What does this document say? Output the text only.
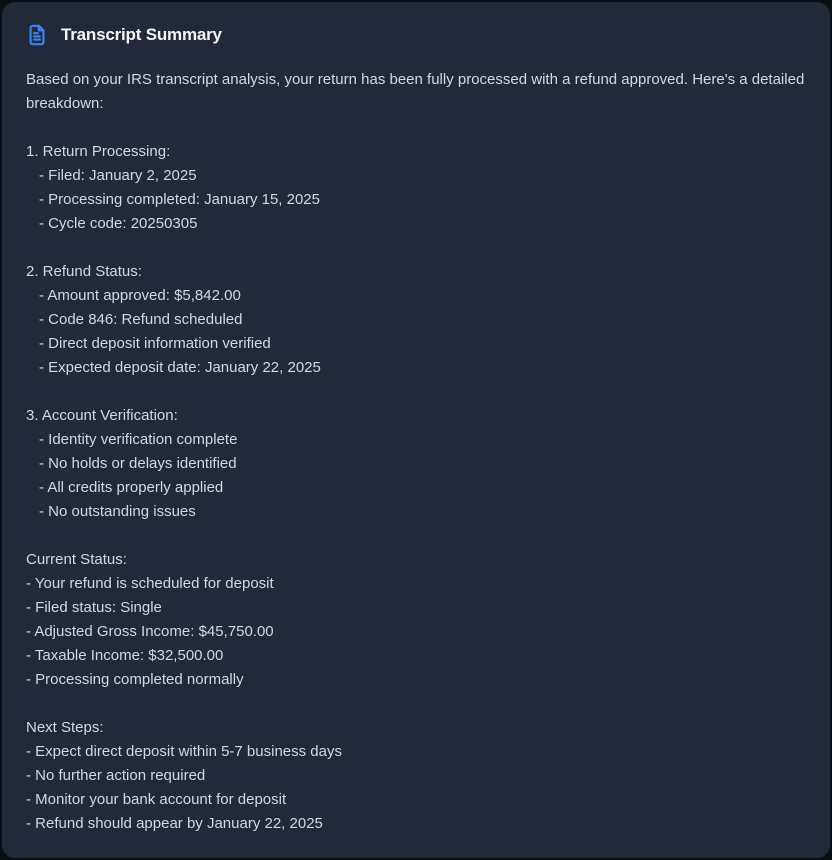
Transcript Summary

Based on your IRS transcript analysis, your return has been fully processed with a refund approved. Here's a detailed breakdown:

1. Return Processing:
- Filed: January 2, 2025
- Processing completed: January 15, 2025
- Cycle code: 20250305
2. Refund Status:
- Amount approved: $5,842.00
- Code 846: Refund scheduled
- Direct deposit information verified
- Expected deposit date: January 22, 2025
3. Account Verification:
- Identity verification complete
- No holds or delays identified
- All credits properly applied
- No outstanding issues
Current Status:
- Your refund is scheduled for deposit
- Filed status: Single
- Adjusted Gross Income: $45,750.00
- Taxable Income: $32,500.00
- Processing completed normally
Next Steps:
- Expect direct deposit within 5-7 business days
- No further action required
- Monitor your bank account for deposit
- Refund should appear by January 22, 2025
